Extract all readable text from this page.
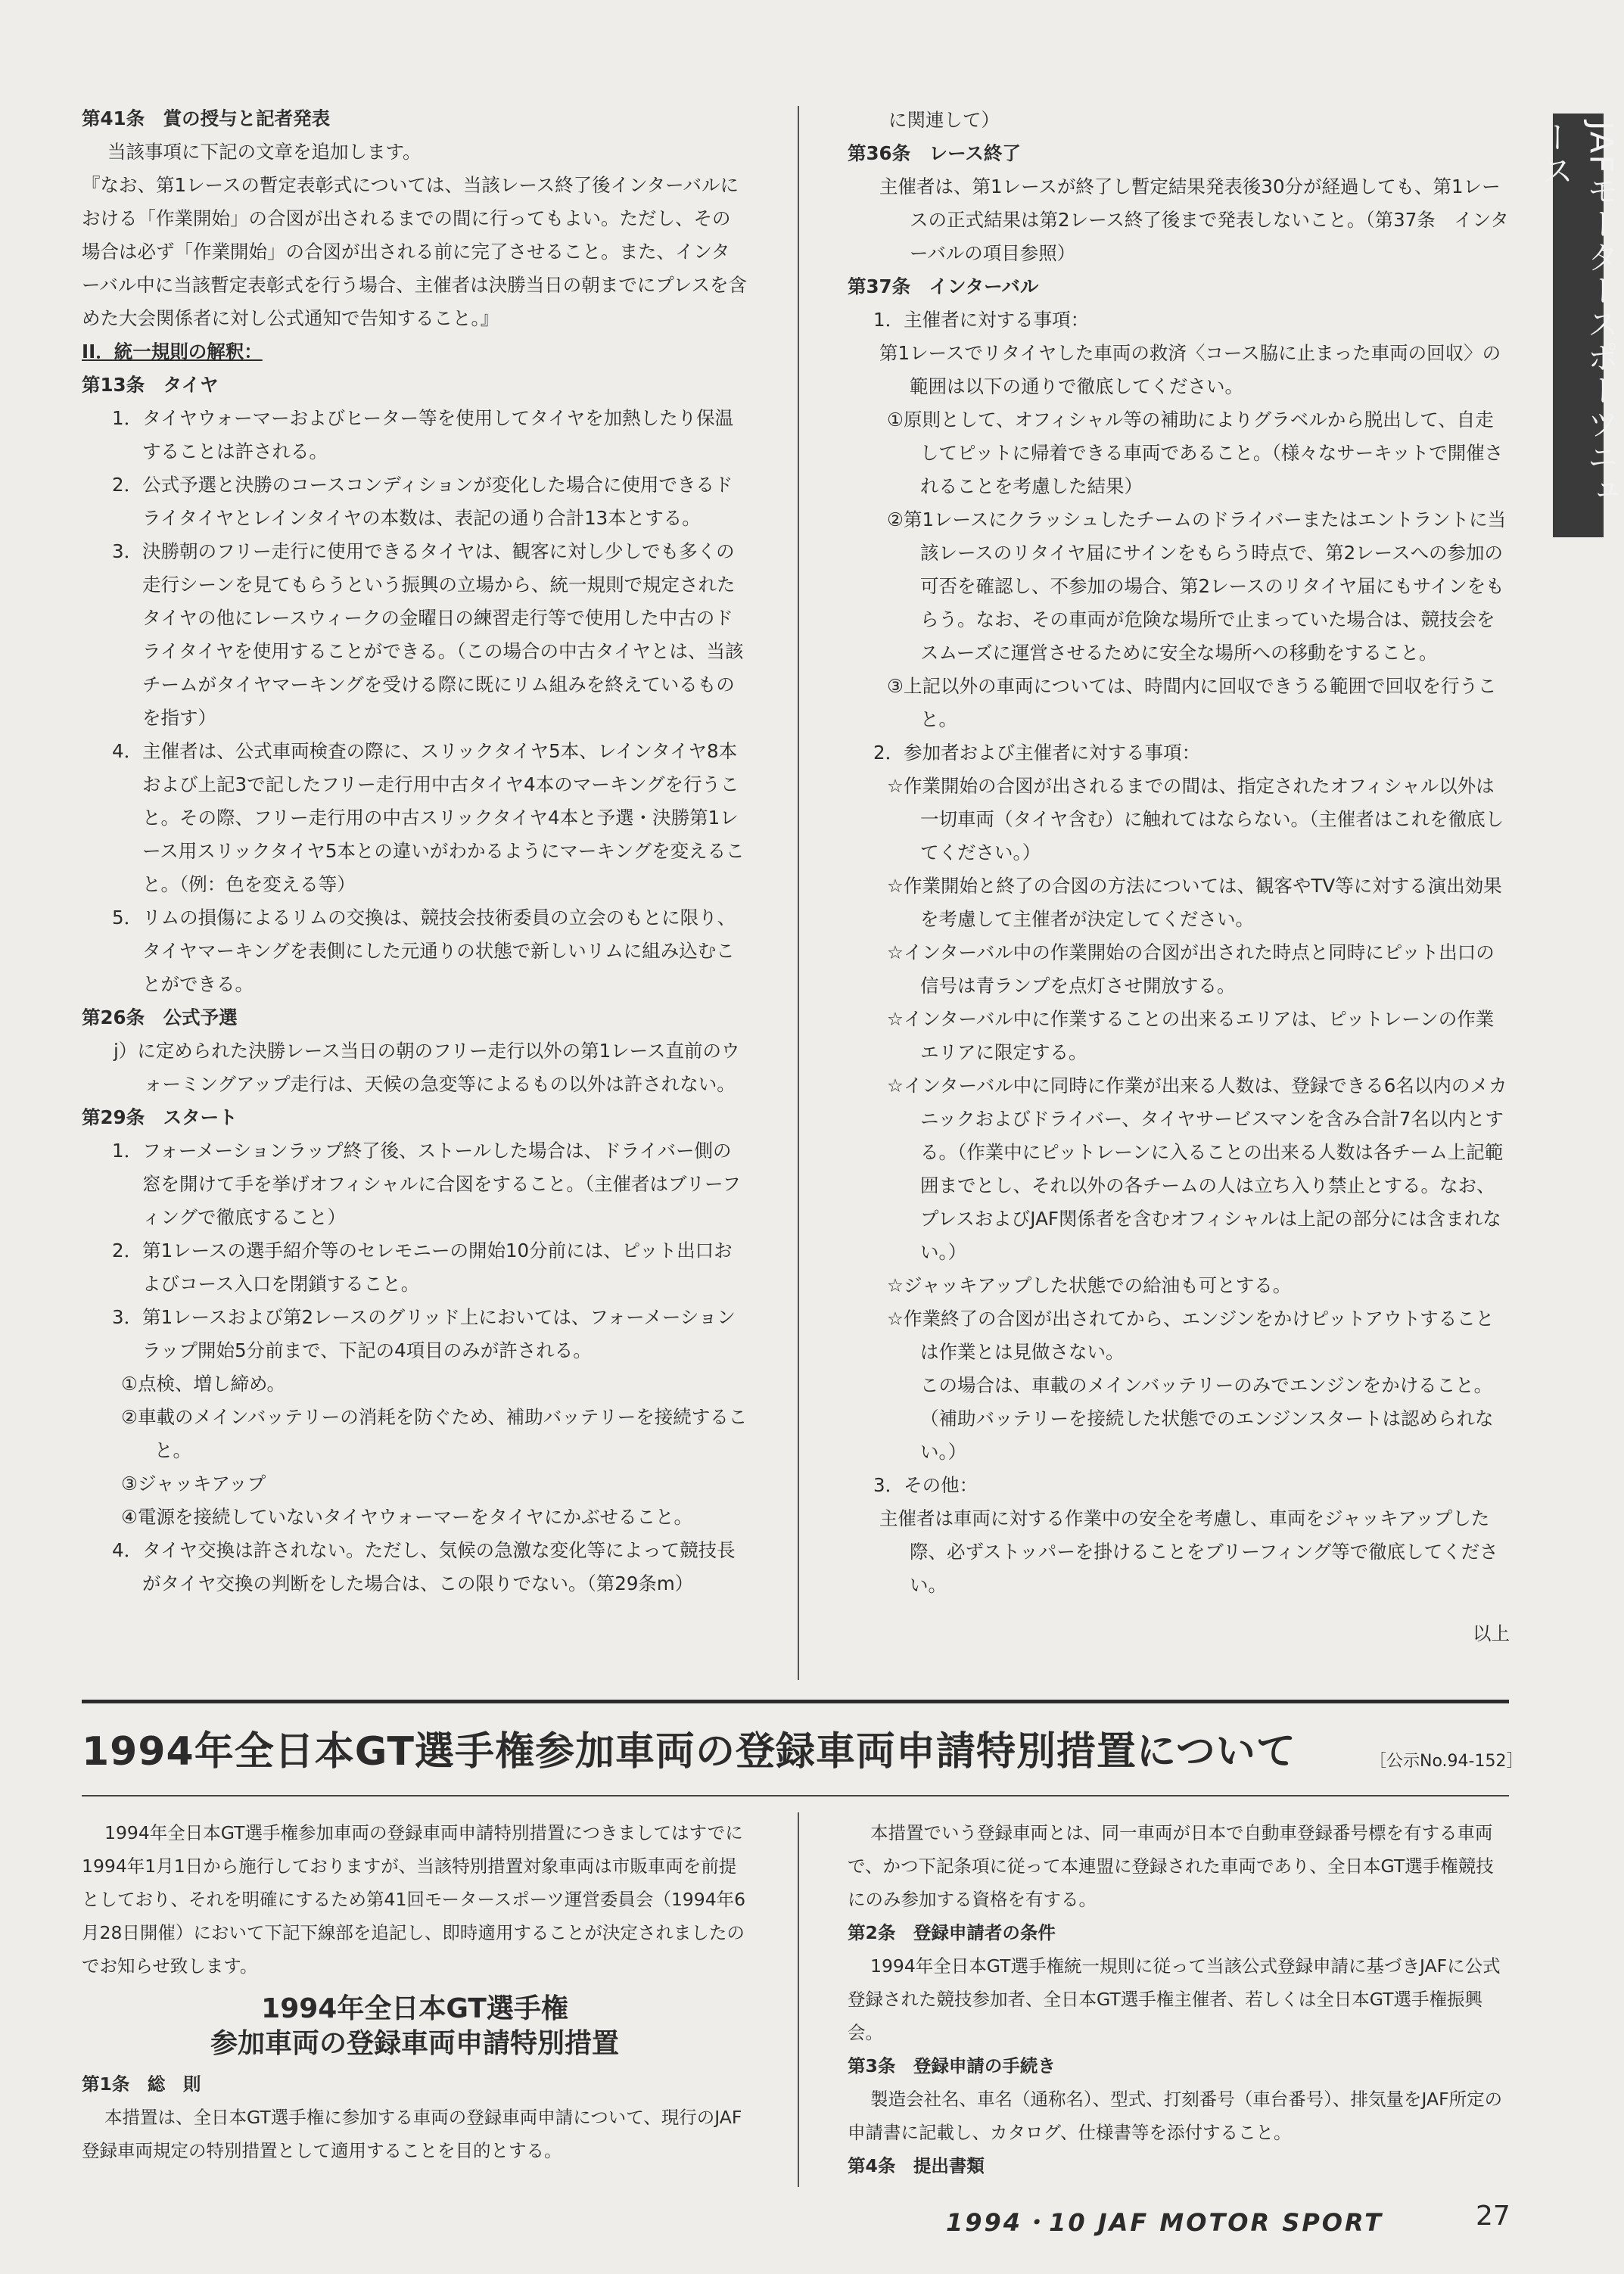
JAFモータースポーツニュース

第41条　賞の授与と記者発表

当該事項に下記の文章を追加します。

『なお、第1レースの暫定表彰式については、当該レース終了後インターバルにおける「作業開始」の合図が出されるまでの間に行ってもよい。ただし、その場合は必ず「作業開始」の合図が出される前に完了させること。また、インターバル中に当該暫定表彰式を行う場合、主催者は決勝当日の朝までにプレスを含めた大会関係者に対し公式通知で告知すること。』

II．統一規則の解釈：

第13条　タイヤ

1．タイヤウォーマーおよびヒーター等を使用してタイヤを加熱したり保温することは許される。

2．公式予選と決勝のコースコンディションが変化した場合に使用できるドライタイヤとレインタイヤの本数は、表記の通り合計13本とする。

3．決勝朝のフリー走行に使用できるタイヤは、観客に対し少しでも多くの走行シーンを見てもらうという振興の立場から、統一規則で規定されたタイヤの他にレースウィークの金曜日の練習走行等で使用した中古のドライタイヤを使用することができる。（この場合の中古タイヤとは、当該チームがタイヤマーキングを受ける際に既にリム組みを終えているものを指す）

4．主催者は、公式車両検査の際に、スリックタイヤ5本、レインタイヤ8本および上記3で記したフリー走行用中古タイヤ4本のマーキングを行うこと。その際、フリー走行用の中古スリックタイヤ4本と予選・決勝第1レース用スリックタイヤ5本との違いがわかるようにマーキングを変えること。（例：色を変える等）

5．リムの損傷によるリムの交換は、競技会技術委員の立会のもとに限り、タイヤマーキングを表側にした元通りの状態で新しいリムに組み込むことができる。

第26条　公式予選

j）に定められた決勝レース当日の朝のフリー走行以外の第1レース直前のウォーミングアップ走行は、天候の急変等によるもの以外は許されない。

第29条　スタート

1．フォーメーションラップ終了後、ストールした場合は、ドライバー側の窓を開けて手を挙げオフィシャルに合図をすること。（主催者はブリーフィングで徹底すること）

2．第1レースの選手紹介等のセレモニーの開始10分前には、ピット出口およびコース入口を閉鎖すること。

3．第1レースおよび第2レースのグリッド上においては、フォーメーションラップ開始5分前まで、下記の4項目のみが許される。

①点検、増し締め。

②車載のメインバッテリーの消耗を防ぐため、補助バッテリーを接続すること。

③ジャッキアップ

④電源を接続していないタイヤウォーマーをタイヤにかぶせること。

4．タイヤ交換は許されない。ただし、気候の急激な変化等によって競技長がタイヤ交換の判断をした場合は、この限りでない。（第29条m）

に関連して）

第36条　レース終了

主催者は、第1レースが終了し暫定結果発表後30分が経過しても、第1レースの正式結果は第2レース終了後まで発表しないこと。（第37条　インターバルの項目参照）

第37条　インターバル

1．主催者に対する事項：

第1レースでリタイヤした車両の救済〈コース脇に止まった車両の回収〉の範囲は以下の通りで徹底してください。

①原則として、オフィシャル等の補助によりグラベルから脱出して、自走してピットに帰着できる車両であること。（様々なサーキットで開催されることを考慮した結果）

②第1レースにクラッシュしたチームのドライバーまたはエントラントに当該レースのリタイヤ届にサインをもらう時点で、第2レースへの参加の可否を確認し、不参加の場合、第2レースのリタイヤ届にもサインをもらう。なお、その車両が危険な場所で止まっていた場合は、競技会をスムーズに運営させるために安全な場所への移動をすること。

③上記以外の車両については、時間内に回収できうる範囲で回収を行うこと。

2．参加者および主催者に対する事項：

☆作業開始の合図が出されるまでの間は、指定されたオフィシャル以外は一切車両（タイヤ含む）に触れてはならない。（主催者はこれを徹底してください。）

☆作業開始と終了の合図の方法については、観客やTV等に対する演出効果を考慮して主催者が決定してください。

☆インターバル中の作業開始の合図が出された時点と同時にピット出口の信号は青ランプを点灯させ開放する。

☆インターバル中に作業することの出来るエリアは、ピットレーンの作業エリアに限定する。

☆インターバル中に同時に作業が出来る人数は、登録できる6名以内のメカニックおよびドライバー、タイヤサービスマンを含み合計7名以内とする。（作業中にピットレーンに入ることの出来る人数は各チーム上記範囲までとし、それ以外の各チームの人は立ち入り禁止とする。なお、プレスおよびJAF関係者を含むオフィシャルは上記の部分には含まれない。）

☆ジャッキアップした状態での給油も可とする。

☆作業終了の合図が出されてから、エンジンをかけピットアウトすることは作業とは見做さない。

この場合は、車載のメインバッテリーのみでエンジンをかけること。（補助バッテリーを接続した状態でのエンジンスタートは認められない。）

3．その他：

主催者は車両に対する作業中の安全を考慮し、車両をジャッキアップした際、必ずストッパーを掛けることをブリーフィング等で徹底してください。

以上

1994年全日本GT選手権参加車両の登録車両申請特別措置について	［公示No.94-152］

1994年全日本GT選手権参加車両の登録車両申請特別措置につきましてはすでに1994年1月1日から施行しておりますが、当該特別措置対象車両は市販車両を前提としており、それを明確にするため第41回モータースポーツ運営委員会（1994年6月28日開催）において下記下線部を追記し、即時適用することが決定されましたのでお知らせ致します。

1994年全日本GT選手権
参加車両の登録車両申請特別措置

第1条　総　則

本措置は、全日本GT選手権に参加する車両の登録車両申請について、現行のJAF登録車両規定の特別措置として適用することを目的とする。

本措置でいう登録車両とは、同一車両が日本で自動車登録番号標を有する車両で、かつ下記条項に従って本連盟に登録された車両であり、全日本GT選手権競技にのみ参加する資格を有する。

第2条　登録申請者の条件

1994年全日本GT選手権統一規則に従って当該公式登録申請に基づきJAFに公式登録された競技参加者、全日本GT選手権主催者、若しくは全日本GT選手権振興会。

第3条　登録申請の手続き

製造会社名、車名（通称名）、型式、打刻番号（車台番号）、排気量をJAF所定の申請書に記載し、カタログ、仕様書等を添付すること。

第4条　提出書類

1994・10 JAF MOTOR SPORT	27
